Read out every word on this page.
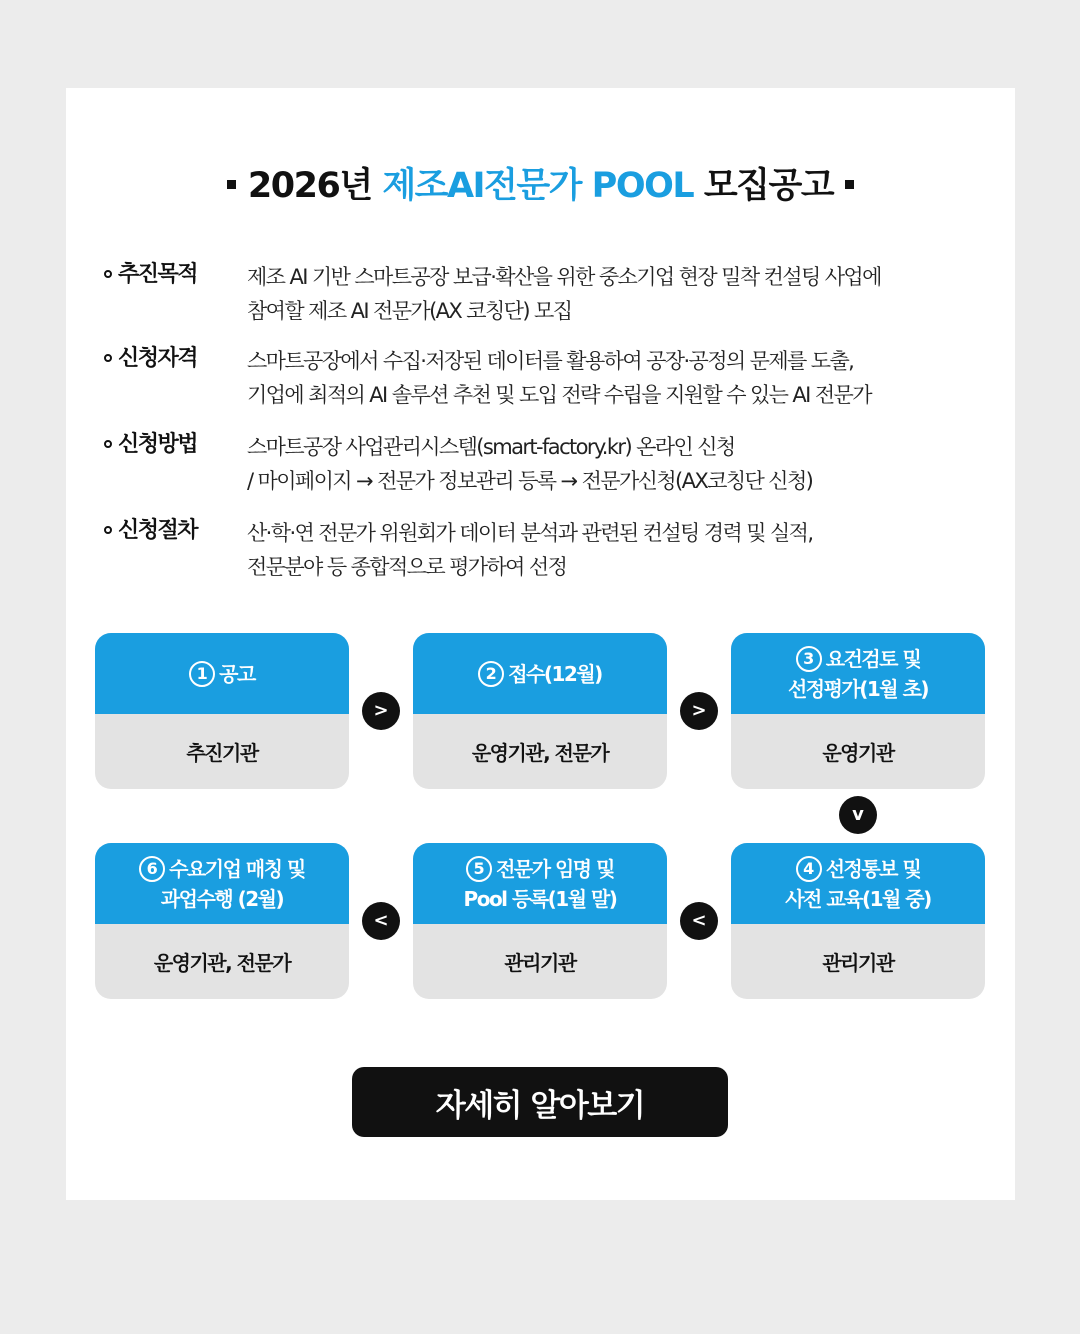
2026년 제조AI전문가 POOL 모집공고
추진목적 제조 AI 기반 스마트공장 보급·확산을 위한 중소기업 현장 밀착 컨설팅 사업에
참여할 제조 AI 전문가(AX 코칭단) 모집
신청자격 스마트공장에서 수집·저장된 데이터를 활용하여 공장·공정의 문제를 도출,
기업에 최적의 AI 솔루션 추천 및 도입 전략 수립을 지원할 수 있는 AI 전문가
신청방법 스마트공장 사업관리시스템(smart-factory.kr) 온라인 신청
/ 마이페이지 → 전문가 정보관리 등록 → 전문가신청(AX코칭단 신청)
신청절차 산·학·연 전문가 위원회가 데이터 분석과 관련된 컨설팅 경력 및 실적,
전문분야 등 종합적으로 평가하여 선정
1 공고
추진기관
>
2 접수(12월)
운영기관, 전문가
>
3 요건검토 및
선정평가(1월 초)
운영기관
v
6 수요기업 매칭 및
과업수행 (2월)
운영기관, 전문가
<
5 전문가 임명 및
Pool 등록(1월 말)
관리기관
<
4 선정통보 및
사전 교육(1월 중)
관리기관
자세히 알아보기
